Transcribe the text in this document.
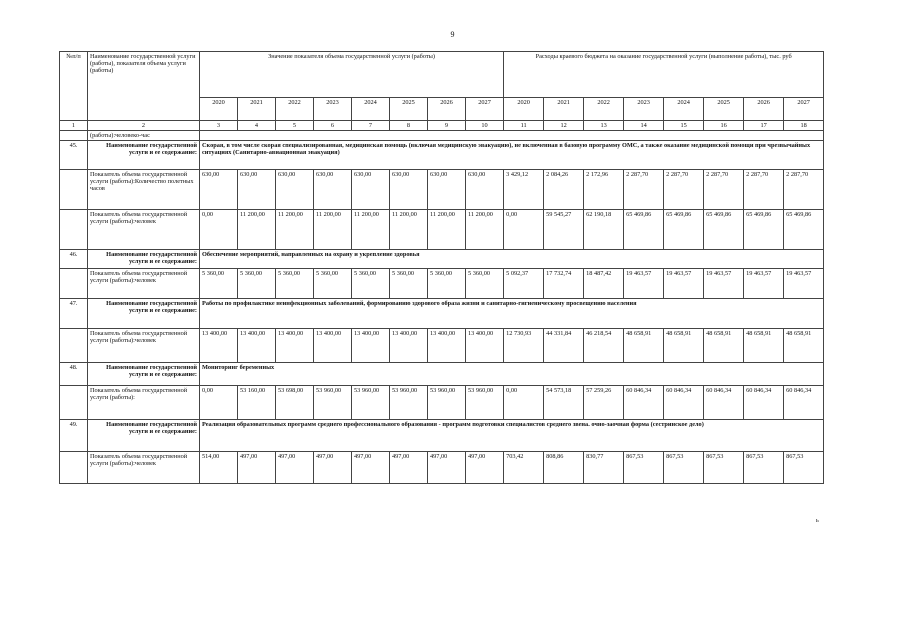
9
№п/п	Наименование государственной услуги (работы), показателя объема услуги (работы)	Значение показателя объема государственной услуги (работы)								Расходы краевого бюджета на оказание государственной услуги (выполнение работы), тыс. руб							
		2020	2021	2022	2023	2024	2025	2026	2027	2020	2021	2022	2023	2024	2025	2026	2027
1	2	3	4	5	6	7	8	9	10	11	12	13	14	15	16	17	18
	(работы):человеко-час																
45.	Наименование государственной услуги и ее содержание:	Скорая, в том числе скорая специализированная, медицинская помощь (включая медицинскую эвакуацию), не включенная в базовую программу ОМС, а также оказание медицинской помощи при чрезвычайных ситуациях (Санитарно-авиационная эвакуация)															
	Показатель объема государственной услуги (работы):Количество полетных часов	630,00	630,00	630,00	630,00	630,00	630,00	630,00	630,00	3 429,12	2 084,26	2 172,96	2 287,70	2 287,70	2 287,70	2 287,70	2 287,70
	Показатель объема государственной услуги (работы):человек	0,00	11 200,00	11 200,00	11 200,00	11 200,00	11 200,00	11 200,00	11 200,00	0,00	59 545,27	62 190,18	65 469,86	65 469,86	65 469,86	65 469,86	65 469,86
46.	Наименование государственной услуги и ее содержание:	Обеспечение мероприятий, направленных на охрану и укрепление здоровья															
	Показатель объема государственной услуги (работы):человек	5 360,00	5 360,00	5 360,00	5 360,00	5 360,00	5 360,00	5 360,00	5 360,00	5 092,37	17 732,74	18 487,42	19 463,57	19 463,57	19 463,57	19 463,57	19 463,57
47.	Наименование государственной услуги и ее содержание:	Работы по профилактике неинфекционных заболеваний, формированию здорового образа жизни и санитарно-гигиеническому просвещению населения															
	Показатель объема государственной услуги (работы):человек	13 400,00	13 400,00	13 400,00	13 400,00	13 400,00	13 400,00	13 400,00	13 400,00	12 730,93	44 331,84	46 218,54	48 658,91	48 658,91	48 658,91	48 658,91	48 658,91
48.	Наименование государственной услуги и ее содержание:	Мониторинг беременных															
	Показатель объема государственной услуги (работы):	0,00	53 160,00	53 698,00	53 960,00	53 960,00	53 960,00	53 960,00	53 960,00	0,00	54 573,18	57 259,26	60 846,34	60 846,34	60 846,34	60 846,34	60 846,34
49.	Наименование государственной услуги и ее содержание:	Реализация образовательных программ среднего профессионального образования - программ подготовки специалистов среднего звена. очно-заочная форма (сестринское дело)															
	Показатель объема государственной услуги (работы):человек	514,00	497,00	497,00	497,00	497,00	497,00	497,00	497,00	703,42	808,86	830,77	867,53	867,53	867,53	867,53	867,53
ь
